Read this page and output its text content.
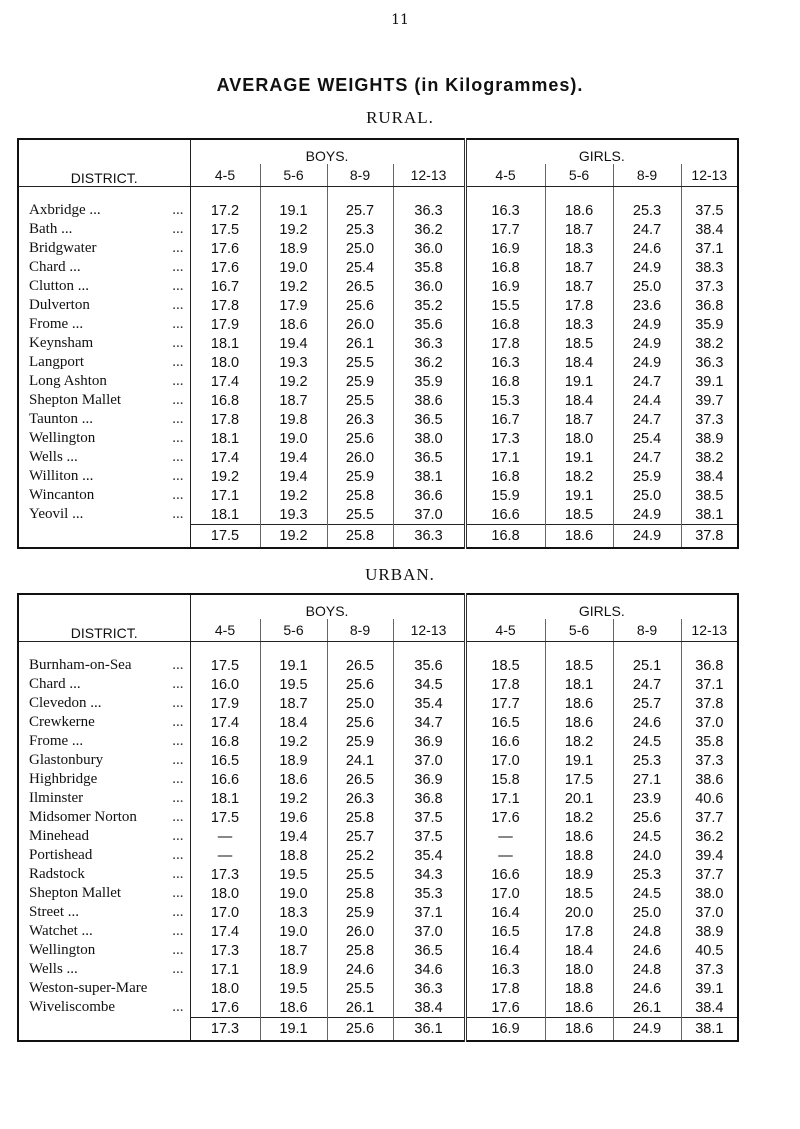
11
AVERAGE WEIGHTS (in Kilogrammes).
RURAL.
DISTRICT.	BOYS.				GIRLS.			
	4-5	5-6	8-9	12-13	4-5	5-6	8-9	12-13

Axbridge ... ...	17.2	19.1	25.7	36.3	16.3	18.6	25.3	37.5
Bath ... ...	17.5	19.2	25.3	36.2	17.7	18.7	24.7	38.4
Bridgwater ...	17.6	18.9	25.0	36.0	16.9	18.3	24.6	37.1
Chard ... ...	17.6	19.0	25.4	35.8	16.8	18.7	24.9	38.3
Clutton ... ...	16.7	19.2	26.5	36.0	16.9	18.7	25.0	37.3
Dulverton ...	17.8	17.9	25.6	35.2	15.5	17.8	23.6	36.8
Frome ... ...	17.9	18.6	26.0	35.6	16.8	18.3	24.9	35.9
Keynsham ...	18.1	19.4	26.1	36.3	17.8	18.5	24.9	38.2
Langport ...	18.0	19.3	25.5	36.2	16.3	18.4	24.9	36.3
Long Ashton ...	17.4	19.2	25.9	35.9	16.8	19.1	24.7	39.1
Shepton Mallet ...	16.8	18.7	25.5	38.6	15.3	18.4	24.4	39.7
Taunton ... ...	17.8	19.8	26.3	36.5	16.7	18.7	24.7	37.3
Wellington ...	18.1	19.0	25.6	38.0	17.3	18.0	25.4	38.9
Wells ... ...	17.4	19.4	26.0	36.5	17.1	19.1	24.7	38.2
Williton ... ...	19.2	19.4	25.9	38.1	16.8	18.2	25.9	38.4
Wincanton ...	17.1	19.2	25.8	36.6	15.9	19.1	25.0	38.5
Yeovil ... ...	18.1	19.3	25.5	37.0	16.6	18.5	24.9	38.1
	17.5	19.2	25.8	36.3	16.8	18.6	24.9	37.8
URBAN.
DISTRICT.	BOYS.				GIRLS.			
	4-5	5-6	8-9	12-13	4-5	5-6	8-9	12-13

Burnham-on-Sea ...	17.5	19.1	26.5	35.6	18.5	18.5	25.1	36.8
Chard ... ...	16.0	19.5	25.6	34.5	17.8	18.1	24.7	37.1
Clevedon ... ...	17.9	18.7	25.0	35.4	17.7	18.6	25.7	37.8
Crewkerne ...	17.4	18.4	25.6	34.7	16.5	18.6	24.6	37.0
Frome ... ...	16.8	19.2	25.9	36.9	16.6	18.2	24.5	35.8
Glastonbury ...	16.5	18.9	24.1	37.0	17.0	19.1	25.3	37.3
Highbridge ...	16.6	18.6	26.5	36.9	15.8	17.5	27.1	38.6
Ilminster ...	18.1	19.2	26.3	36.8	17.1	20.1	23.9	40.6
Midsomer Norton ...	17.5	19.6	25.8	37.5	17.6	18.2	25.6	37.7
Minehead ...	—	19.4	25.7	37.5	—	18.6	24.5	36.2
Portishead ...	—	18.8	25.2	35.4	—	18.8	24.0	39.4
Radstock ...	17.3	19.5	25.5	34.3	16.6	18.9	25.3	37.7
Shepton Mallet ...	18.0	19.0	25.8	35.3	17.0	18.5	24.5	38.0
Street ... ...	17.0	18.3	25.9	37.1	16.4	20.0	25.0	37.0
Watchet ... ...	17.4	19.0	26.0	37.0	16.5	17.8	24.8	38.9
Wellington ...	17.3	18.7	25.8	36.5	16.4	18.4	24.6	40.5
Wells ... ...	17.1	18.9	24.6	34.6	16.3	18.0	24.8	37.3
Weston-super-Mare	18.0	19.5	25.5	36.3	17.8	18.8	24.6	39.1
Wiveliscombe ...	17.6	18.6	26.1	38.4	17.6	18.6	26.1	38.4
	17.3	19.1	25.6	36.1	16.9	18.6	24.9	38.1
